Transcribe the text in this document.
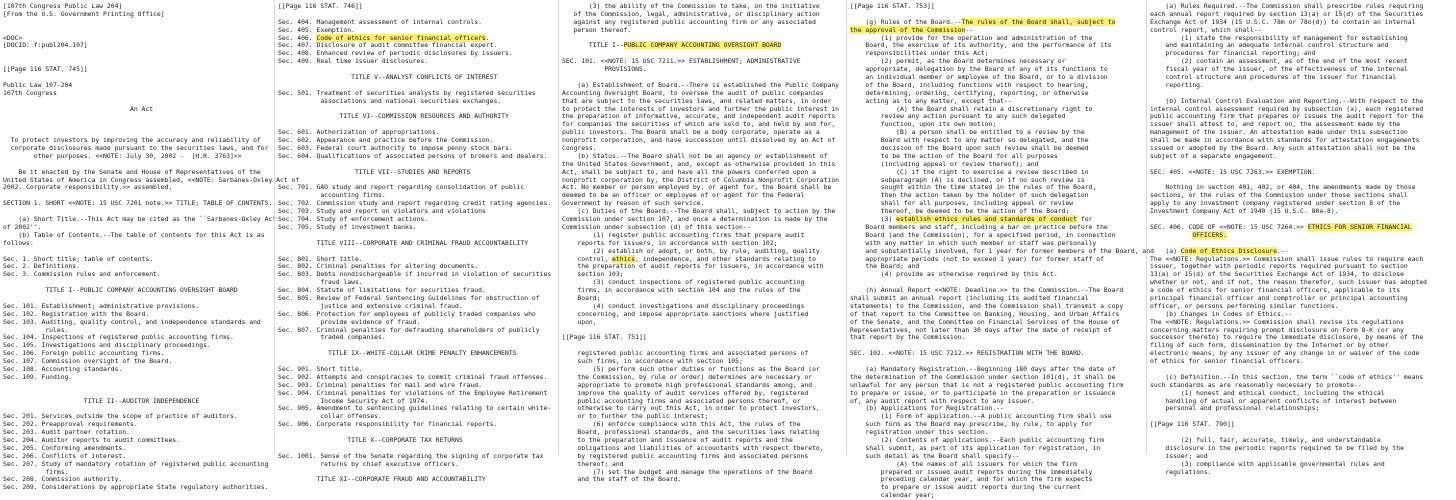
[107th Congress Public Law 204]
[From the U.S. Government Printing Office]
<DOC>
[DOCID: f:publ204.107]
[[Page 116 STAT. 745]]
Public Law 107-204
107th Congress
An Act
To protect investors by improving the accuracy and reliability of
corporate disclosures made pursuant to the securities laws, and for
other purposes. <<NOTE: July 30, 2002 -  [H.R. 3763]>>
Be it enacted by the Senate and House of Representatives of the
United States of America in Congress assembled, <<NOTE: Sarbanes-Oxley Act of
2002. Corporate responsibility.>> assembled,
SECTION 1. SHORT <<NOTE: 15 USC 7201 note.>> TITLE; TABLE OF CONTENTS.
(a) Short Title.--This Act may be cited as the ``Sarbanes-Oxley Act
of 2002''.
(b) Table of Contents.--The table of contents for this Act is as
follows:
Sec. 1. Short title; table of contents.
Sec. 2. Definitions.
Sec. 3. Commission rules and enforcement.
TITLE I--PUBLIC COMPANY ACCOUNTING OVERSIGHT BOARD
Sec. 101. Establishment; administrative provisions.
Sec. 102. Registration with the Board.
Sec. 103. Auditing, quality control, and independence standards and
rules.
Sec. 104. Inspections of registered public accounting firms.
Sec. 105. Investigations and disciplinary proceedings.
Sec. 106. Foreign public accounting firms.
Sec. 107. Commission oversight of the Board.
Sec. 108. Accounting standards.
Sec. 109. Funding.
TITLE II--AUDITOR INDEPENDENCE
Sec. 201. Services outside the scope of practice of auditors.
Sec. 202. Preapproval requirements.
Sec. 203. Audit partner rotation.
Sec. 204. Auditor reports to audit committees.
Sec. 205. Conforming amendments.
Sec. 206. Conflicts of interest.
Sec. 207. Study of mandatory rotation of registered public accounting
firms.
Sec. 208. Commission authority.
Sec. 209. Considerations by appropriate State regulatory authorities.
[[Page 116 STAT. 746]]
Sec. 404. Management assessment of internal controls.
Sec. 405. Exemption.
Sec. 406. Code of ethics for senior financial officers.
Sec. 407. Disclosure of audit committee financial expert.
Sec. 408. Enhanced review of periodic disclosures by issuers.
Sec. 409. Real time issuer disclosures.
TITLE V--ANALYST CONFLICTS OF INTEREST
Sec. 501. Treatment of securities analysts by registered securities
associations and national securities exchanges.
TITLE VI--COMMISSION RESOURCES AND AUTHORITY
Sec. 601. Authorization of appropriations.
Sec. 602. Appearance and practice before the Commission.
Sec. 603. Federal court authority to impose penny stock bars.
Sec. 604. Qualifications of associated persons of brokers and dealers.
TITLE VII--STUDIES AND REPORTS
Sec. 701. GAO study and report regarding consolidation of public
accounting firms.
Sec. 702. Commission study and report regarding credit rating agencies.
Sec. 703. Study and report on violators and violations
Sec. 704. Study of enforcement actions.
Sec. 705. Study of investment banks.
TITLE VIII--CORPORATE AND CRIMINAL FRAUD ACCOUNTABILITY
Sec. 801. Short title.
Sec. 802. Criminal penalties for altering documents.
Sec. 803. Debts nondischargeable if incurred in violation of securities
fraud laws.
Sec. 804. Statute of limitations for securities fraud.
Sec. 805. Review of Federal Sentencing Guidelines for obstruction of
justice and extensive criminal fraud.
Sec. 806. Protection for employees of publicly traded companies who
provide evidence of fraud.
Sec. 807. Criminal penalties for defrauding shareholders of publicly
traded companies.
TITLE IX--WHITE-COLLAR CRIME PENALTY ENHANCEMENTS
Sec. 901. Short title.
Sec. 902. Attempts and conspiracies to commit criminal fraud offenses.
Sec. 903. Criminal penalties for mail and wire fraud.
Sec. 904. Criminal penalties for violations of the Employee Retirement
Income Security Act of 1974.
Sec. 905. Amendment to sentencing guidelines relating to certain white-
collar offenses.
Sec. 906. Corporate responsibility for financial reports.
TITLE X--CORPORATE TAX RETURNS
Sec. 1001. Sense of the Senate regarding the signing of corporate tax
returns by chief executive officers.
TITLE XI--CORPORATE FRAUD AND ACCOUNTABILITY
(3) the ability of the Commission to take, on the initiative
of the Commission, legal, administrative, or disciplinary action
against any registered public accounting firm or any associated
person thereof.
TITLE I--PUBLIC COMPANY ACCOUNTING OVERSIGHT BOARD
SEC. 101. <<NOTE: 15 USC 7211.>> ESTABLISHMENT; ADMINISTRATIVE
PROVISIONS.
(a) Establishment of Board.--There is established the Public Company
Accounting Oversight Board, to oversee the audit of public companies
that are subject to the securities laws, and related matters, in order
to protect the interests of investors and further the public interest in
the preparation of informative, accurate, and independent audit reports
for companies the securities of which are sold to, and held by and for,
public investors. The Board shall be a body corporate, operate as a
nonprofit corporation, and have succession until dissolved by an Act of
Congress.
(b) Status.--The Board shall not be an agency or establishment of
the United States Government, and, except as otherwise provided in this
Act, shall be subject to, and have all the powers conferred upon a
nonprofit corporation by, the District of Columbia Nonprofit Corporation
Act. No member or person employed by, or agent for, the Board shall be
deemed to be an officer or employee of or agent for the Federal
Government by reason of such service.
(c) Duties of the Board.--The Board shall, subject to action by the
Commission under section 107, and once a determination is made by the
Commission under subsection (d) of this section--
(1) register public accounting firms that prepare audit
reports for issuers, in accordance with section 102;
(2) establish or adopt, or both, by rule, auditing, quality
control, ethics, independence, and other standards relating to
the preparation of audit reports for issuers, in accordance with
section 103;
(3) conduct inspections of registered public accounting
firms, in accordance with section 104 and the rules of the
Board;
(4) conduct investigations and disciplinary proceedings
concerning, and impose appropriate sanctions where justified
upon,
[[Page 116 STAT. 751]]
registered public accounting firms and associated persons of
such firms, in accordance with section 105;
(5) perform such other duties or functions as the Board (or
the Commission, by rule or order) determines are necessary or
appropriate to promote high professional standards among, and
improve the quality of audit services offered by, registered
public accounting firms and associated persons thereof, or
otherwise to carry out this Act, in order to protect investors,
or to further the public interest;
(6) enforce compliance with this Act, the rules of the
Board, professional standards, and the securities laws relating
to the preparation and issuance of audit reports and the
obligations and liabilities of accountants with respect thereto,
by registered public accounting firms and associated persons
thereof; and
(7) set the budget and manage the operations of the Board
and the staff of the Board.
[[Page 116 STAT. 753]]
(g) Rules of the Board.--The rules of the Board shall, subject to
the approval of the Commission--
(1) provide for the operation and administration of the
Board, the exercise of its authority, and the performance of its
responsibilities under this Act;
(2) permit, as the Board determines necessary or
appropriate, delegation by the Board of any of its functions to
an individual member or employee of the Board, or to a division
of the Board, including functions with respect to hearing,
determining, ordering, certifying, reporting, or otherwise
acting as to any matter, except that--
(A) the Board shall retain a discretionary right to
review any action pursuant to any such delegated
function, upon its own motion;
(B) a person shall be entitled to a review by the
Board with respect to any matter so delegated, and the
decision of the Board upon such review shall be deemed
to be the action of the Board for all purposes
(including appeal or review thereof); and
(C) if the right to exercise a review described in
subparagraph (A) is declined, or if no such review is
sought within the time stated in the rules of the Board,
then the action taken by the holder of such delegation
shall for all purposes, including appeal or review
thereof, be deemed to be the action of the Board;
(3) establish ethics rules and standards of conduct for
Board members and staff, including a bar on practice before the
Board (and the Commission), for a specified period, in connection
with any matter in which such member or staff was personally
and substantially involved, for 1 year for former members of the Board, and
appropriate periods (not to exceed 1 year) for former staff of
the Board; and
(4) provide as otherwise required by this Act.
(h) Annual Report <<NOTE: Deadline.>> to the Commission.--The Board
shall submit an annual report (including its audited financial
statements) to the Commission, and the Commission shall transmit a copy
of that report to the Committee on Banking, Housing, and Urban Affairs
of the Senate, and the Committee on Financial Services of the House of
Representatives, not later than 30 days after the date of receipt of
that report by the Commission.
SEC. 102. <<NOTE: 15 USC 7212.>> REGISTRATION WITH THE BOARD.
(a) Mandatory Registration.--Beginning 180 days after the date of
the determination of the Commission under section 101(d), it shall be
unlawful for any person that is not a registered public accounting firm
to prepare or issue, or to participate in the preparation or issuance
of, any audit report with respect to any issuer.
(b) Applications for Registration.--
(1) Form of application.--A public accounting firm shall use
such form as the Board may prescribe, by rule, to apply for
registration under this section.
(2) Contents of applications.--Each public accounting firm
shall submit, as part of its application for registration, in
such detail as the Board shall specify--
(A) the names of all issuers for which the firm
prepared or issued audit reports during the immediately
preceding calendar year, and for which the firm expects
to prepare or issue audit reports during the current
calendar year;
(a) Rules Required.--The Commission shall prescribe rules requiring
each annual report required by section 13(a) or 15(d) of the Securities
Exchange Act of 1934 (15 U.S.C. 78m or 78o(d)) to contain an internal
control report, which shall--
(1) state the responsibility of management for establishing
and maintaining an adequate internal control structure and
procedures for financial reporting; and
(2) contain an assessment, as of the end of the most recent
fiscal year of the issuer, of the effectiveness of the internal
control structure and procedures of the issuer for financial
reporting.
(b) Internal Control Evaluation and Reporting.--With respect to the
internal control assessment required by subsection (a), each registered
public accounting firm that prepares or issues the audit report for the
issuer shall attest to, and report on, the assessment made by the
management of the issuer. An attestation made under this subsection
shall be made in accordance with standards for attestation engagements
issued or adopted by the Board. Any such attestation shall not be the
subject of a separate engagement.
SEC. 405. <<NOTE: 15 USC 7263.>> EXEMPTION.
Nothing in section 401, 402, or 404, the amendments made by those
sections, or the rules of the Commission under those sections shall
apply to any investment company registered under section 8 of the
Investment Company Act of 1940 (15 U.S.C. 80a-8).
SEC. 406. CODE OF <<NOTE: 15 USC 7264.>> ETHICS FOR SENIOR FINANCIAL
OFFICERS.
(a) Code of Ethics Disclosure.--
The <<NOTE: Regulations.>> Commission shall issue rules to require each
issuer, together with periodic reports required pursuant to section
13(a) or 15(d) of the Securities Exchange Act of 1934, to disclose
whether or not, and if not, the reason therefor, such issuer has adopted
a code of ethics for senior financial officers, applicable to its
principal financial officer and comptroller or principal accounting
officer, or persons performing similar functions.
(b) Changes in Codes of Ethics.--
The <<NOTE: Regulations.>> Commission shall revise its regulations
concerning matters requiring prompt disclosure on Form 8-K (or any
successor thereto) to require the immediate disclosure, by means of the
filing of such form, dissemination by the Internet or by other
electronic means, by any issuer of any change in or waiver of the code
of ethics for senior financial officers.
(c) Definition.--In this section, the term ``code of ethics'' means
such standards as are reasonably necessary to promote--
(1) honest and ethical conduct, including the ethical
handling of actual or apparent conflicts of interest between
personal and professional relationships;
[[Page 116 STAT. 790]]
(2) full, fair, accurate, timely, and understandable
disclosure in the periodic reports required to be filed by the
issuer; and
(3) compliance with applicable governmental rules and
regulations.
